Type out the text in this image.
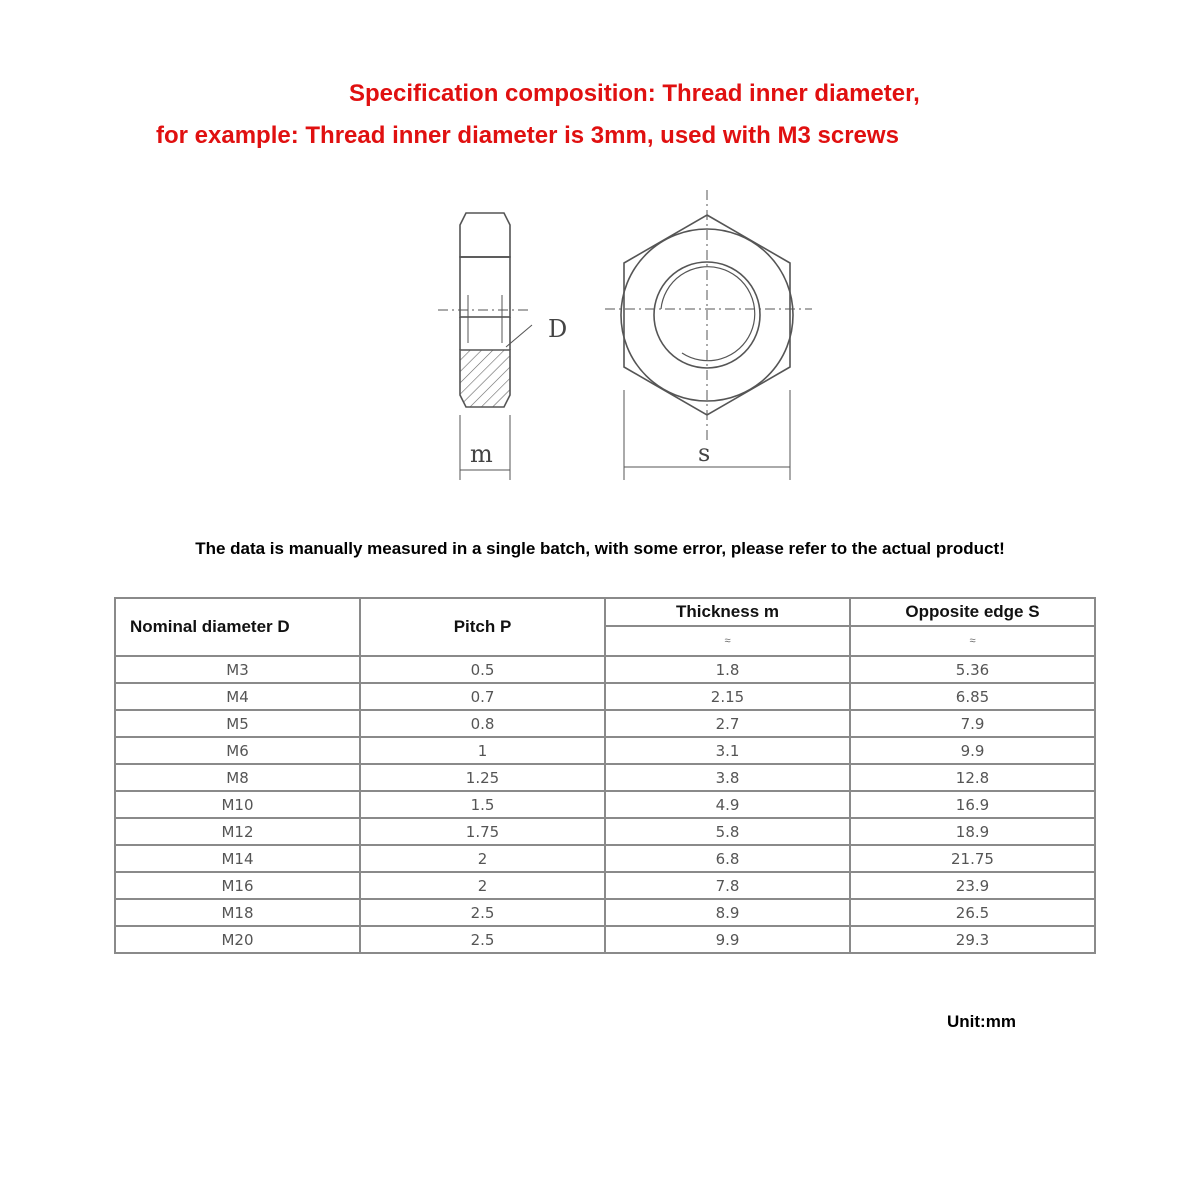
Specification composition: Thread inner diameter,
for example: Thread inner diameter is 3mm, used with M3 screws
D
m	s
The data is manually measured in a single batch, with some error, please refer to the actual product!
Nominal diameter D	Pitch P	Thickness m	Opposite edge S
		≈	≈
M3	0.5	1.8	5.36
M4	0.7	2.15	6.85
M5	0.8	2.7	7.9
M6	1	3.1	9.9
M8	1.25	3.8	12.8
M10	1.5	4.9	16.9
M12	1.75	5.8	18.9
M14	2	6.8	21.75
M16	2	7.8	23.9
M18	2.5	8.9	26.5
M20	2.5	9.9	29.3
Unit:mm
